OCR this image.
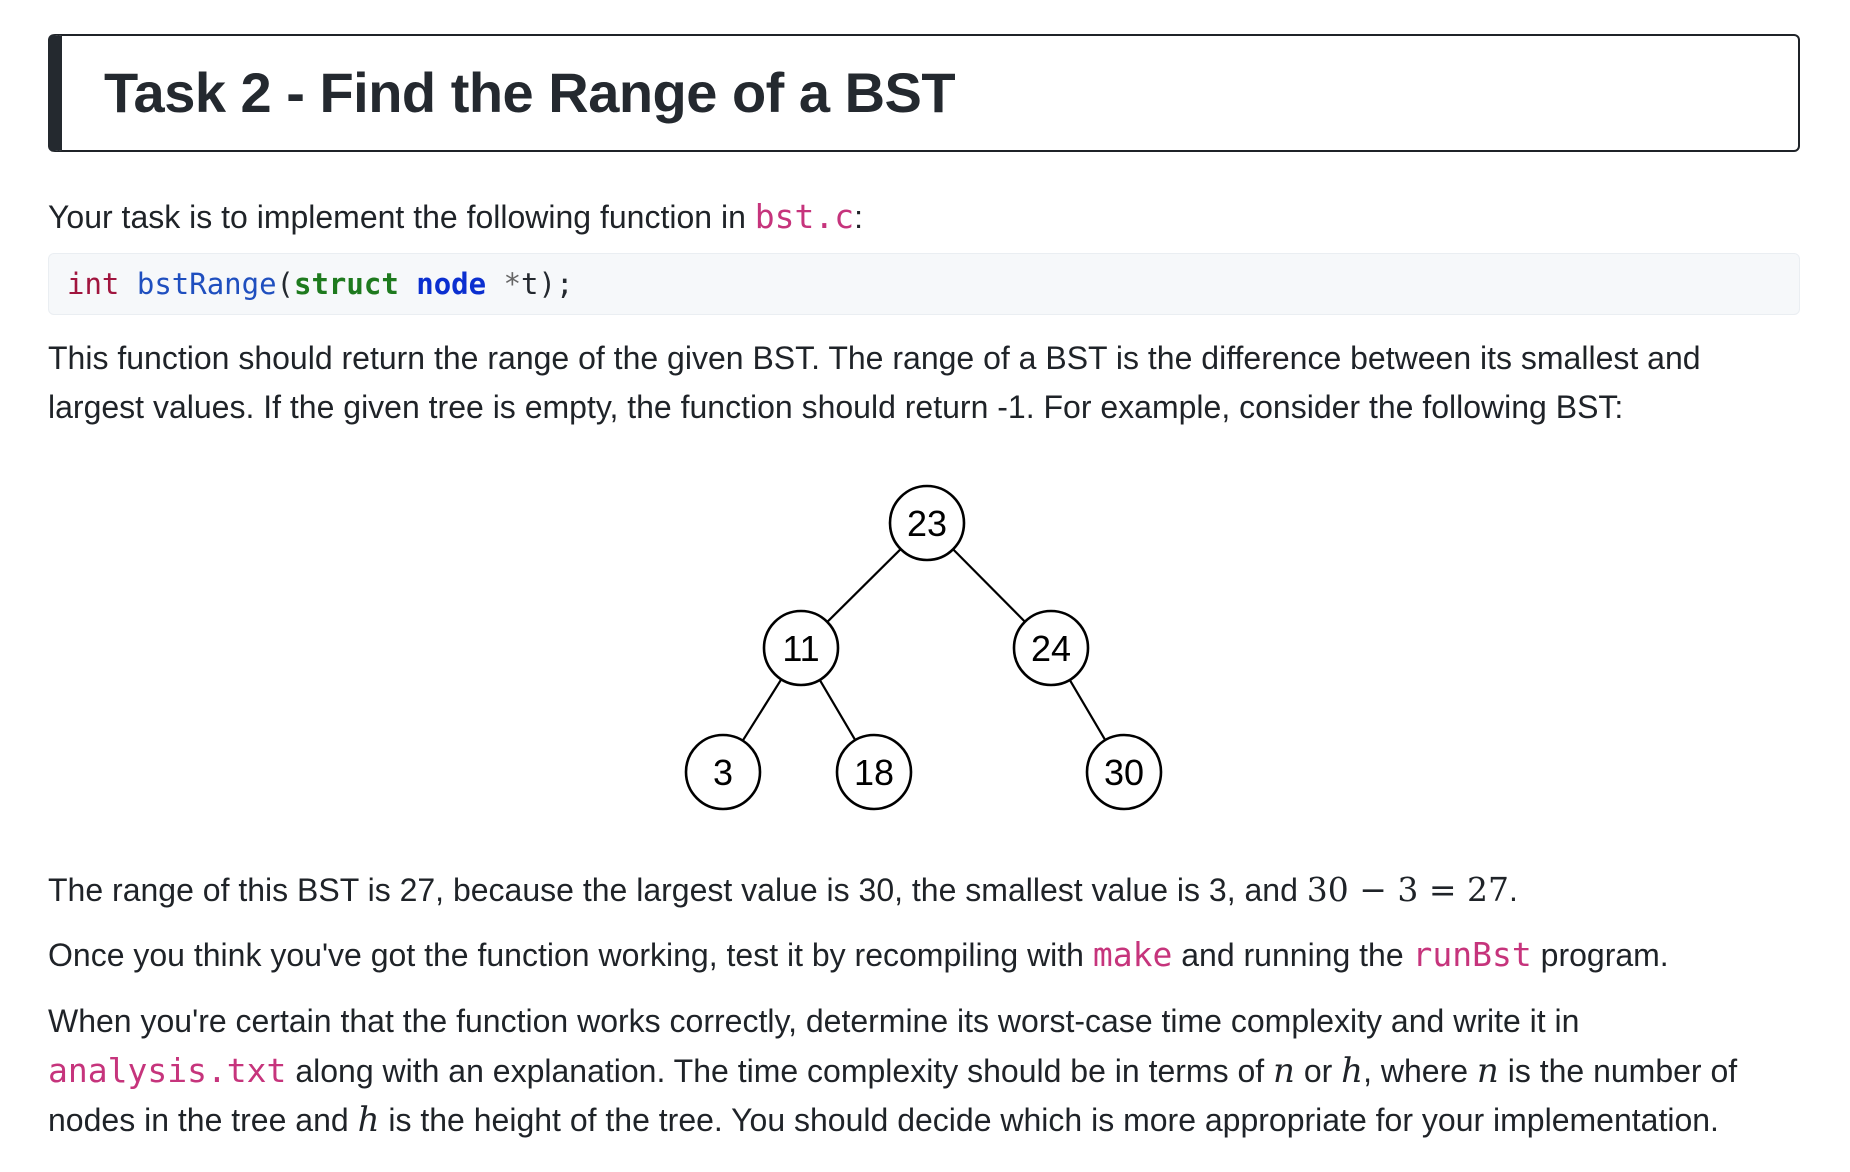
Task 2 - Find the Range of a BST

Your task is to implement the following function in bst.c:

int bstRange(struct node *t);

This function should return the range of the given BST. The range of a BST is the difference between its smallest and
largest values. If the given tree is empty, the function should return -1. For example, consider the following BST:

23
11	24
3	18	30

The range of this BST is 27, because the largest value is 30, the smallest value is 3, and 30 − 3 = 27.

Once you think you've got the function working, test it by recompiling with make and running the runBst program.

When you're certain that the function works correctly, determine its worst-case time complexity and write it in
analysis.txt along with an explanation. The time complexity should be in terms of n or h, where n is the number of
nodes in the tree and h is the height of the tree. You should decide which is more appropriate for your implementation.
